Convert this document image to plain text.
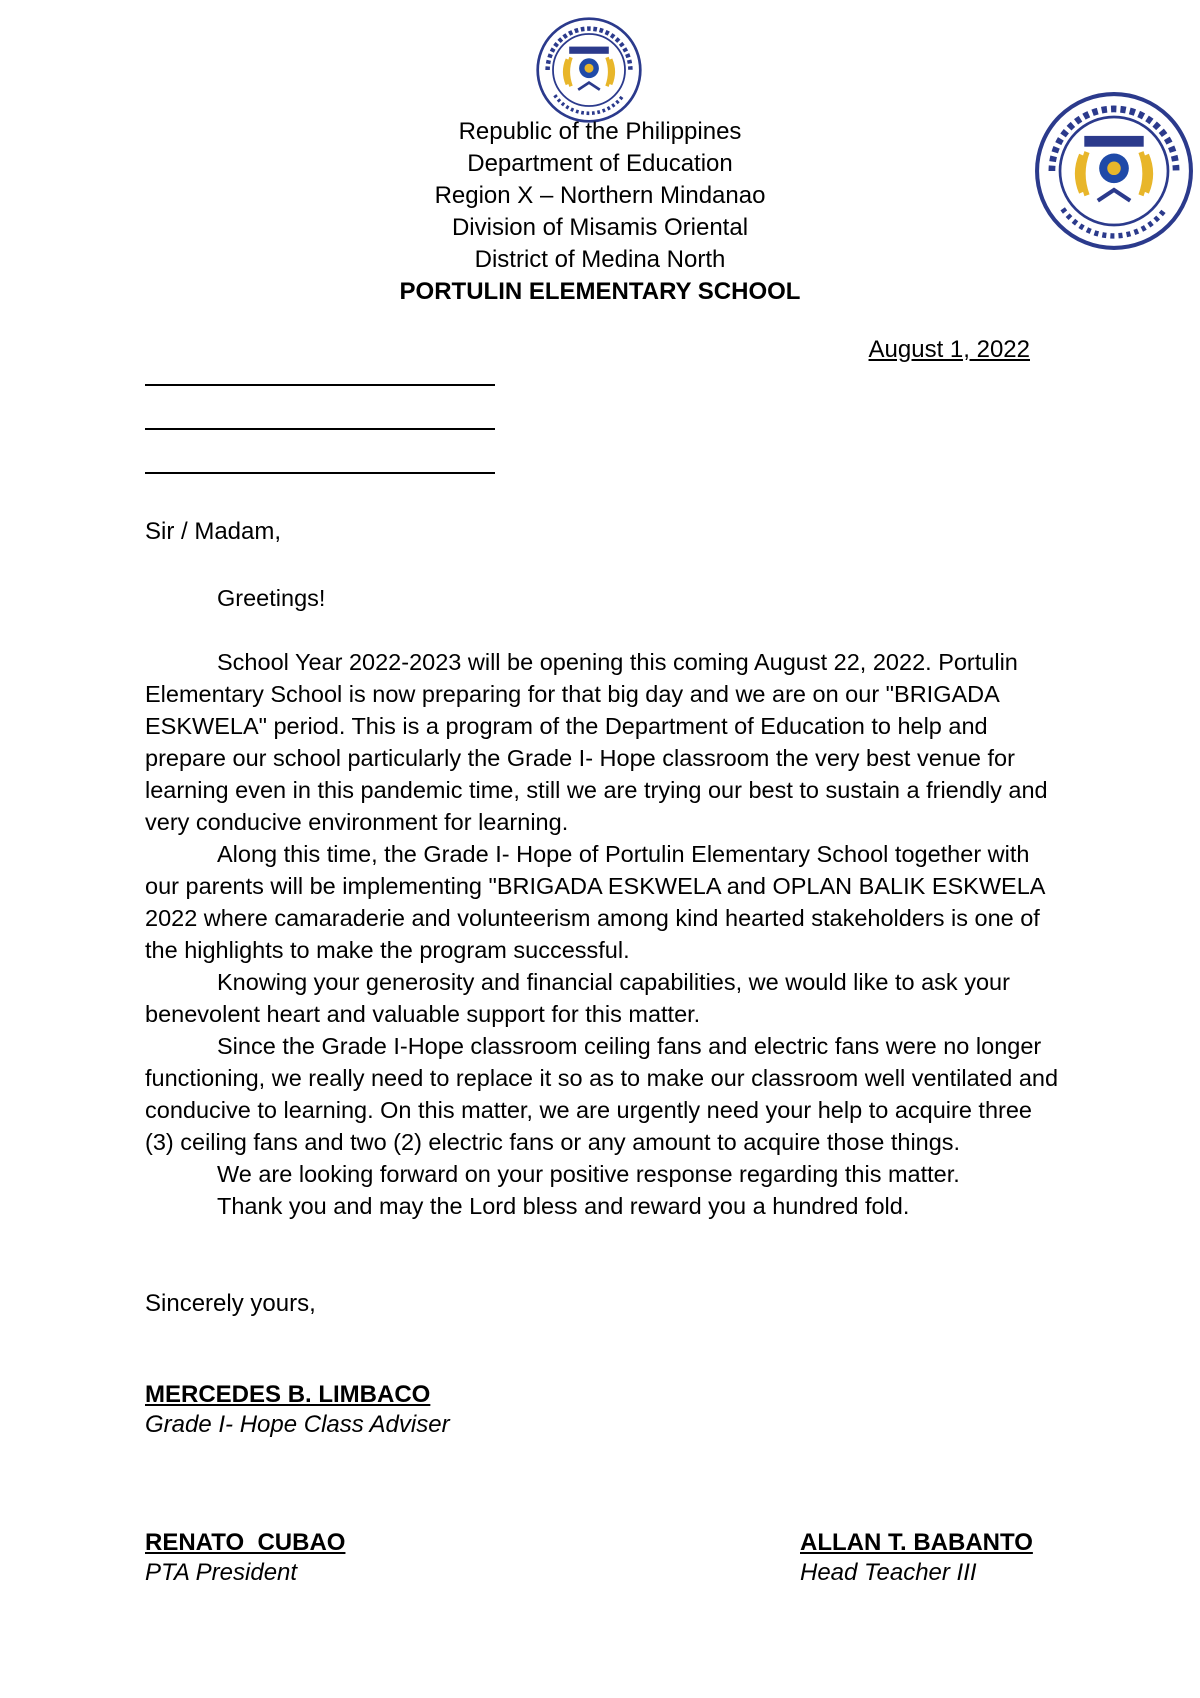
Republic of the Philippines
Department of Education
Region X – Northern Mindanao
Division of Misamis Oriental
District of Medina North
PORTULIN ELEMENTARY SCHOOL
August 1, 2022
Sir / Madam,

Greetings!

School Year 2022-2023 will be opening this coming August 22, 2022. Portulin Elementary School is now preparing for that big day and we are on our "BRIGADA ESKWELA" period. This is a program of the Department of Education to help and prepare our school particularly the Grade I- Hope classroom the very best venue for learning even in this pandemic time, still we are trying our best to sustain a friendly and very conducive environment for learning.

Along this time, the Grade I- Hope of Portulin Elementary School together with our parents will be implementing "BRIGADA ESKWELA and OPLAN BALIK ESKWELA 2022 where camaraderie and volunteerism among kind hearted stakeholders is one of the highlights to make the program successful.

Knowing your generosity and financial capabilities, we would like to ask your benevolent heart and valuable support for this matter.

Since the Grade I-Hope classroom ceiling fans and electric fans were no longer functioning, we really need to replace it so as to make our classroom well ventilated and conducive to learning. On this matter, we are urgently need your help to acquire three (3) ceiling fans and two (2) electric fans or any amount to acquire those things.

We are looking forward on your positive response regarding this matter.

Thank you and may the Lord bless and reward you a hundred fold.

Sincerely yours,
MERCEDES B. LIMBACO
Grade I- Hope Class Adviser
RENATO  CUBAO
PTA President
ALLAN T. BABANTO
Head Teacher III
